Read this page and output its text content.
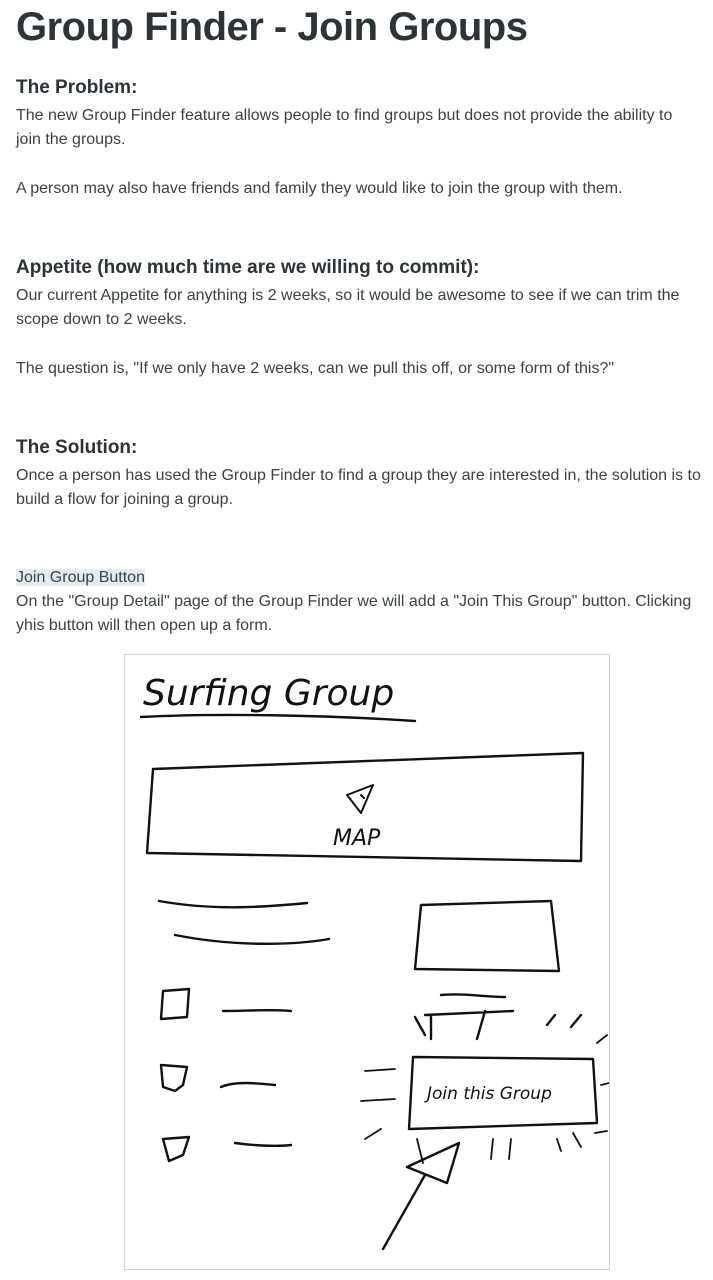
Group Finder - Join Groups
The Problem:

The new Group Finder feature allows people to find groups but does not provide the ability to join the groups.

A person may also have friends and family they would like to join the group with them.

Appetite (how much time are we willing to commit):

Our current Appetite for anything is 2 weeks, so it would be awesome to see if we can trim the scope down to 2 weeks.

The question is, "If we only have 2 weeks, can we pull this off, or some form of this?"

The Solution:

Once a person has used the Group Finder to find a group they are interested in, the solution is to build a flow for joining a group.

Join Group Button

On the "Group Detail" page of the Group Finder we will add a "Join This Group" button. Clicking yhis button will then open up a form.

Surfing Group
MAP
Join this Group
